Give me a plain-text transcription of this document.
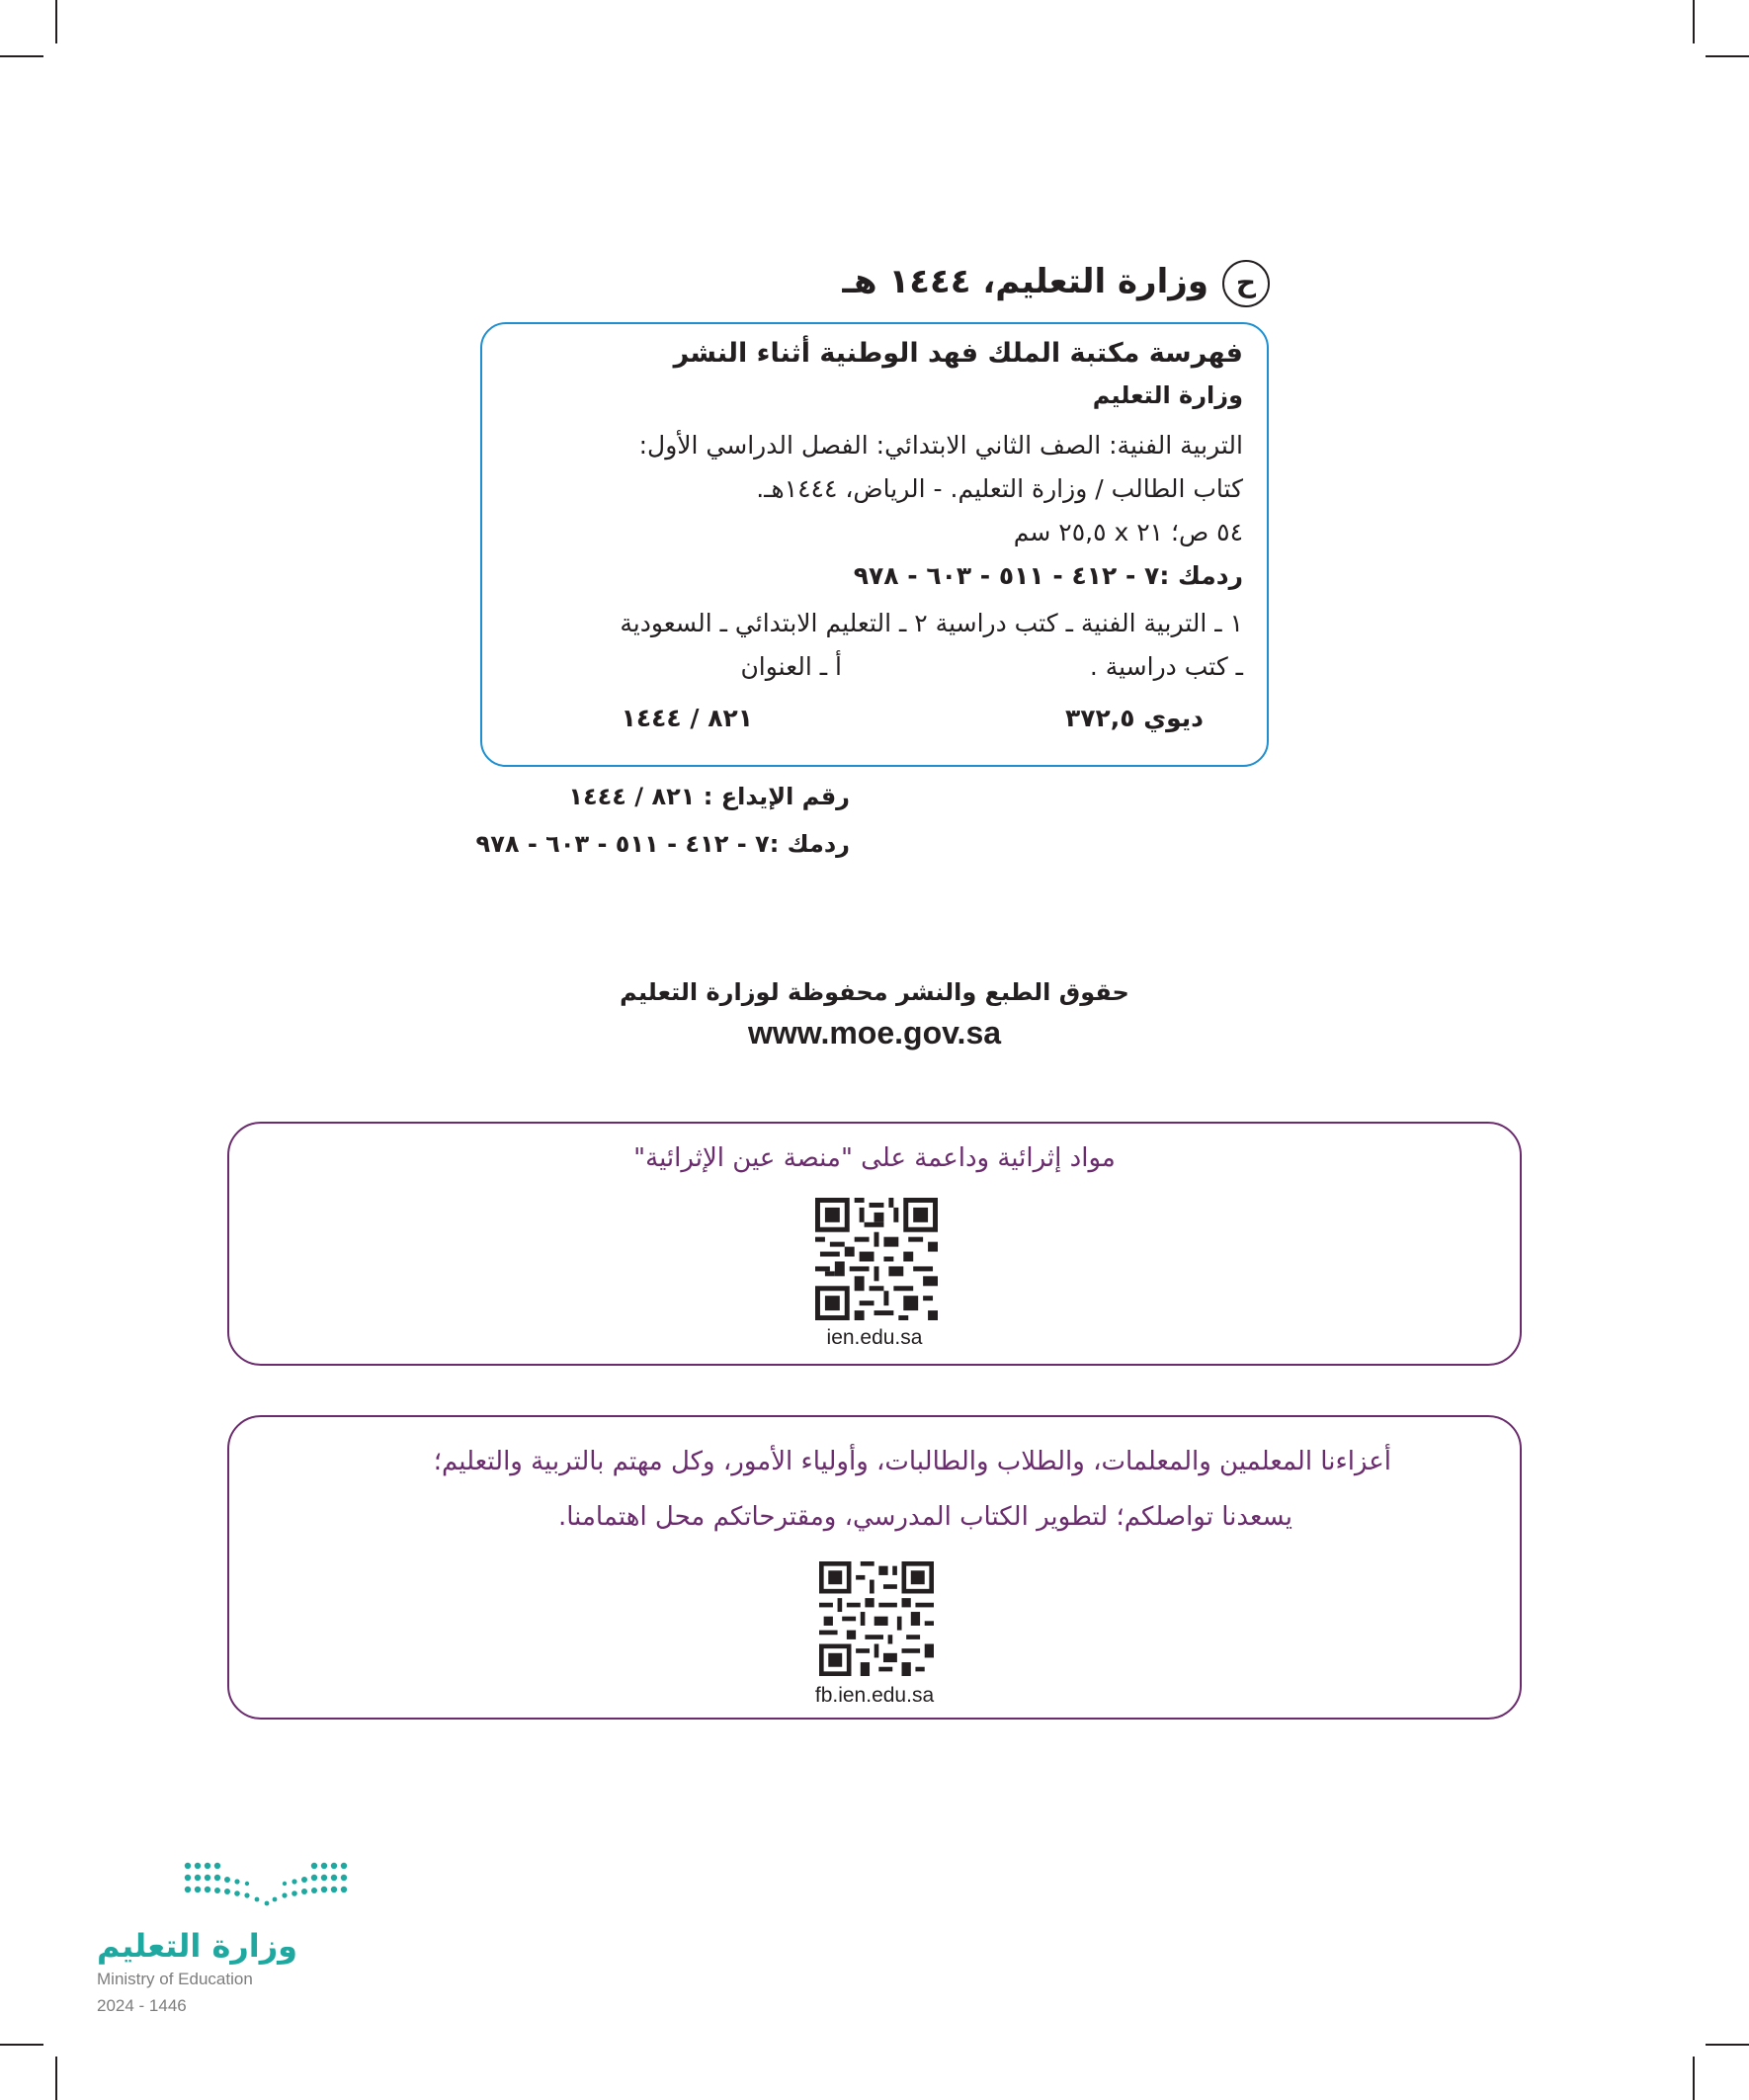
ح
وزارة التعليم، ١٤٤٤ هـ
فهرسة مكتبة الملك فهد الوطنية أثناء النشر
وزارة التعليم
التربية الفنية: الصف الثاني الابتدائي: الفصل الدراسي الأول:
كتاب الطالب / وزارة التعليم. - الرياض، ١٤٤٤هـ.
٥٤ ص؛ ٢١ x ٢٥,٥ سم
ردمك :٧ - ٤١٢ - ٥١١ - ٦٠٣ - ٩٧٨
١ ـ التربية الفنية ـ كتب دراسية ٢ ـ التعليم الابتدائي ـ السعودية
ـ كتب دراسية .
أ ـ العنوان
ديوي ٣٧٢,٥
٨٢١ / ١٤٤٤
رقم الإيداع : ٨٢١ / ١٤٤٤
ردمك :٧ - ٤١٢ - ٥١١ - ٦٠٣ - ٩٧٨
حقوق الطبع والنشر محفوظة لوزارة التعليم
www.moe.gov.sa
مواد إثرائية وداعمة على "منصة عين الإثرائية"
ien.edu.sa
أعزاءنا المعلمين والمعلمات، والطلاب والطالبات، وأولياء الأمور، وكل مهتم بالتربية والتعليم؛
يسعدنا تواصلكم؛ لتطوير الكتاب المدرسي، ومقترحاتكم محل اهتمامنا.
fb.ien.edu.sa
وزارة التعليم
Ministry of Education
2024 - 1446
